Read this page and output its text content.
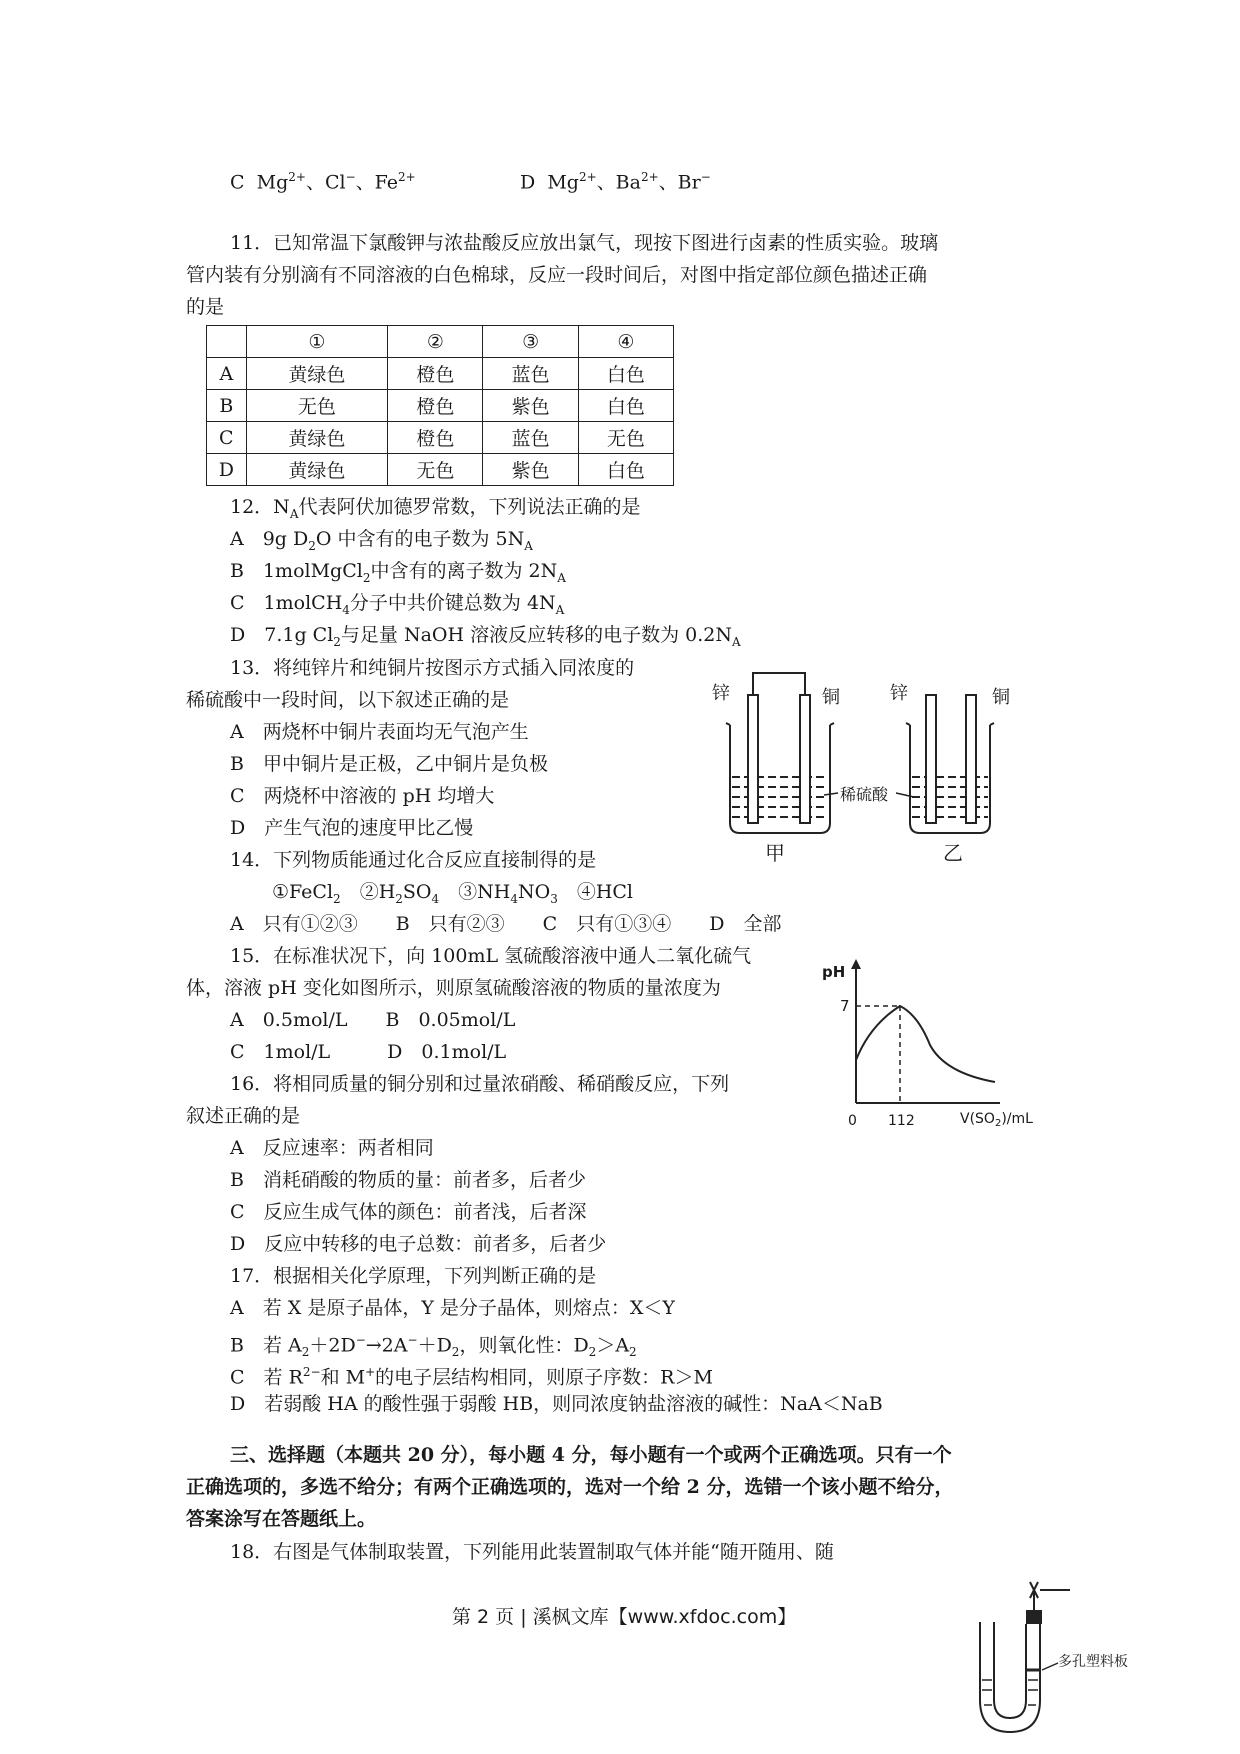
C $Mg^{2+}$、Cl−、$Fe^{2+}$	D $Mg^{2+}$、$Ba^{2+}$、Br−
11．已知常温下氯酸钾与浓盐酸反应放出氯气，现按下图进行卤素的性质实验。玻璃
管内装有分别滴有不同溶液的白色棉球，反应一段时间后，对图中指定部位颜色描述正确
的是
	①	②	③	④
A	黄绿色	橙色	蓝色	白色
B	无色	橙色	紫色	白色
C	黄绿色	橙色	蓝色	无色
D	黄绿色	无色	紫色	白色
12．$N_A$代表阿伏加德罗常数，下列说法正确的是
A　9g $D_2O$ 中含有的电子数为 $5N_A$
B　1molMgCl$_2$中含有的离子数为 $2N_A$
C　1molCH$_4$分子中共价键总数为 $4N_A$
D　7.1g $Cl_2$与足量 NaOH 溶液反应转移的电子数为 $0.2N_A$
13．将纯锌片和纯铜片按图示方式插入同浓度的
稀硫酸中一段时间，以下叙述正确的是
A　两烧杯中铜片表面均无气泡产生
B　甲中铜片是正极，乙中铜片是负极
C　两烧杯中溶液的 pH 均增大
D　产生气泡的速度甲比乙慢
锌	铜
甲
锌	铜
乙
稀硫酸
14．下列物质能通过化合反应直接制得的是
①FeCl$_2$　$②H_2SO_4$　$③NH_4NO_3$　④HCl
A　只有①②③　　B　只有②③　　C　只有①③④　　D　全部
15．在标准状况下，向 100mL 氢硫酸溶液中通人二氧化硫气
体，溶液 pH 变化如图所示，则原氢硫酸溶液的物质的量浓度为
A　0.5mol/L　　B　0.05mol/L
C　1mol/L　　　D　0.1mol/L
pH
7
0 112	$V(SO_2)/mL$
16．将相同质量的铜分别和过量浓硝酸、稀硝酸反应，下列
叙述正确的是
A　反应速率：两者相同
B　消耗硝酸的物质的量：前者多，后者少
C　反应生成气体的颜色：前者浅，后者深
D　反应中转移的电子总数：前者多，后者少
17．根据相关化学原理，下列判断正确的是
A　若 X 是原子晶体，Y 是分子晶体，则熔点：X＜Y
B　若 $A_2+2D^-\to 2A^-+D_2$，则氧化性：$D_2>A_2$
C　若 $R^{2-}$和 M+的电子层结构相同，则原子序数：R＞M
D　若弱酸 HA 的酸性强于弱酸 HB，则同浓度钠盐溶液的碱性：NaA＜NaB
三、选择题（本题共 20 分），每小题 4 分，每小题有一个或两个正确选项。只有一个
正确选项的，多选不给分；有两个正确选项的，选对一个给 2 分，选错一个该小题不给分，
答案涂写在答题纸上。
18．右图是气体制取装置，下列能用此装置制取气体并能“随开随用、随
多孔塑料板
第 2 页 | 溪枫文库【www.xfdoc.com】
